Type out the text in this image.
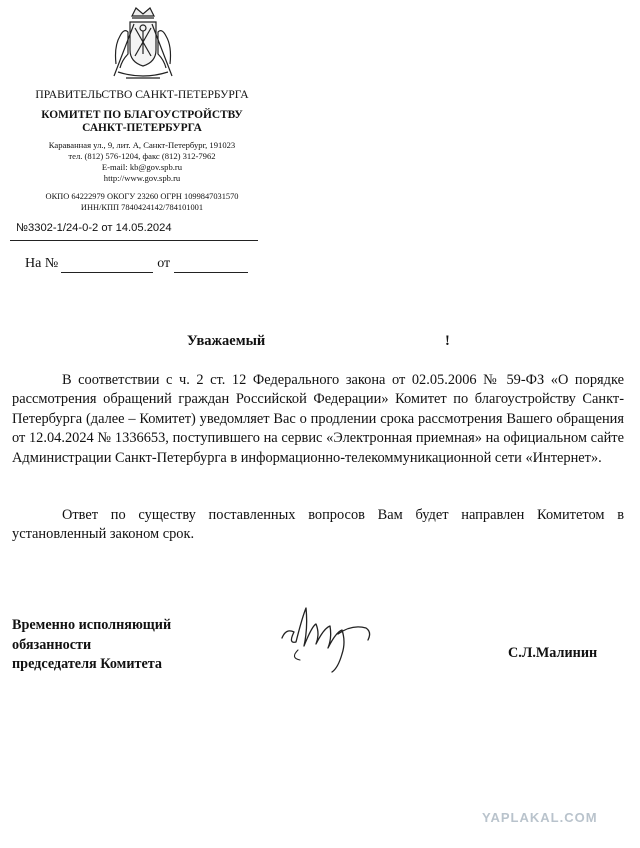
ПРАВИТЕЛЬСТВО САНКТ-ПЕТЕРБУРГА
КОМИТЕТ ПО БЛАГОУСТРОЙСТВУ
САНКТ-ПЕТЕРБУРГА
Караванная ул., 9, лит. А, Санкт-Петербург, 191023
тел. (812) 576-1204, факс (812) 312-7962
E-mail: kb@gov.spb.ru
http://www.gov.spb.ru
ОКПО 64222979 ОКОГУ 23260 ОГРН 1099847031570
ИНН/КПП 7840424142/784101001
№3302-1/24-0-2 от 14.05.2024
На №	от
Уважаемый	!
В соответствии с ч. 2 ст. 12 Федерального закона от 02.05.2006 № 59-ФЗ «О порядке рассмотрения обращений граждан Российской Федерации» Комитет по благоустройству Санкт-Петербурга (далее – Комитет) уведомляет Вас о продлении срока рассмотрения Вашего обращения от 12.04.2024 № 1336653, поступившего на сервис «Электронная приемная» на официальном сайте Администрации Санкт-Петербурга в информационно-телекоммуникационной сети «Интернет».
Ответ по существу поставленных вопросов Вам будет направлен Комитетом в установленный законом срок.
Временно исполняющий
обязанности
председателя Комитета
С.Л.Малинин
YAPLAKAL.COM
